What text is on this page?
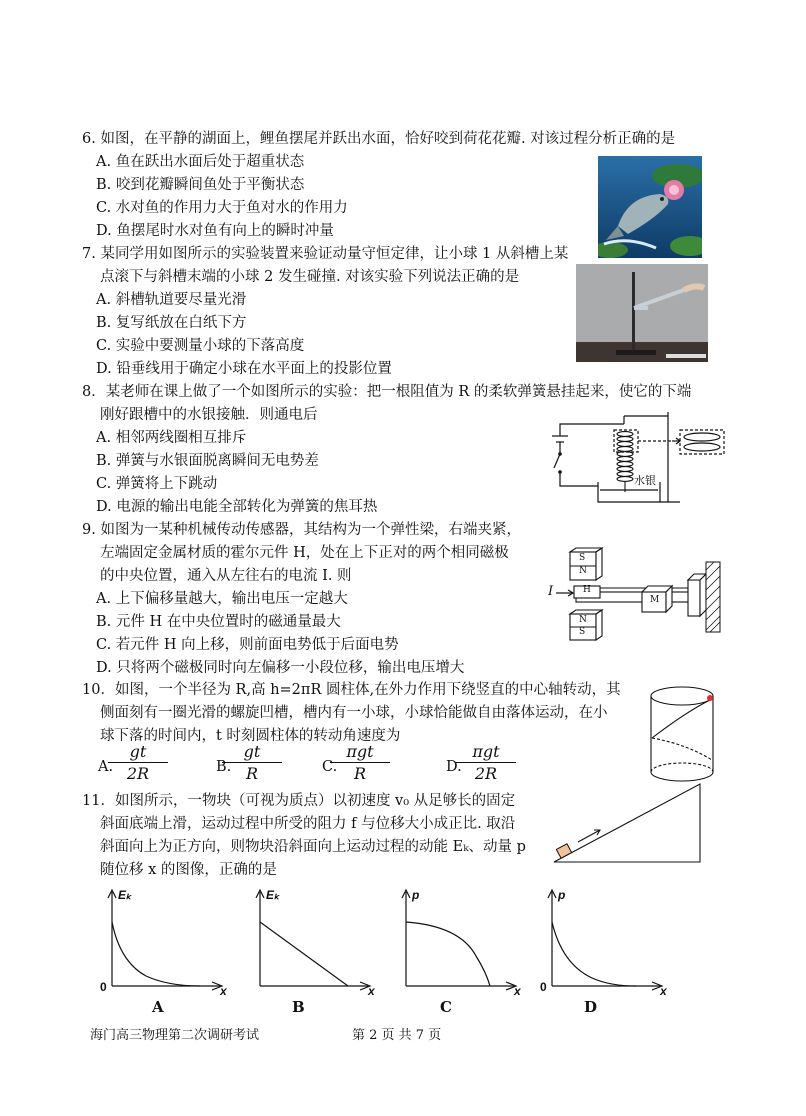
6. 如图，在平静的湖面上，鲤鱼摆尾并跃出水面，恰好咬到荷花花瓣. 对该过程分析正确的是
A. 鱼在跃出水面后处于超重状态
B. 咬到花瓣瞬间鱼处于平衡状态
C. 水对鱼的作用力大于鱼对水的作用力
D. 鱼摆尾时水对鱼有向上的瞬时冲量
7. 某同学用如图所示的实验装置来验证动量守恒定律，让小球 1 从斜槽上某
点滚下与斜槽末端的小球 2 发生碰撞. 对该实验下列说法正确的是
A. 斜槽轨道要尽量光滑
B. 复写纸放在白纸下方
C. 实验中要测量小球的下落高度
D. 铅垂线用于确定小球在水平面上的投影位置
8．某老师在课上做了一个如图所示的实验：把一根阻值为 R 的柔软弹簧悬挂起来，使它的下端
刚好跟槽中的水银接触．则通电后
A. 相邻两线圈相互排斥
B. 弹簧与水银面脱离瞬间无电势差
C. 弹簧将上下跳动
D. 电源的输出电能全部转化为弹簧的焦耳热
水银
9. 如图为一某种机械传动传感器，其结构为一个弹性梁，右端夹紧，
左端固定金属材质的霍尔元件 H，处在上下正对的两个相同磁极
的中央位置，通入从左往右的电流 I. 则
A. 上下偏移量越大，输出电压一定越大
B. 元件 H 在中央位置时的磁通量最大
C. 若元件 H 向上移，则前面电势低于后面电势
D. 只将两个磁极同时向左偏移一小段位移，输出电压增大
S
N
H
M
N
S
I
10．如图，一个半径为 R,高 h=2πR 圆柱体,在外力作用下绕竖直的中心轴转动，其
侧面刻有一圈光滑的螺旋凹槽，槽内有一小球，小球恰能做自由落体运动，在小
球下落的时间内，t 时刻圆柱体的转动角速度为
A.
$\frac{gt}{2R}$	B.
$\frac{gt}{R}$	C.
πgt
R	D.
πgt
2R
11．如图所示，一物块（可视为质点）以初速度 v₀ 从足够长的固定
斜面底端上滑，运动过程中所受的阻力 f 与位移大小成正比. 取沿
斜面向上为正方向，则物块沿斜面向上运动过程的动能 Eₖ、动量 p
随位移 x 的图像，正确的是
Eₖ
0	x
A
Eₖ
x
B
p
x
C
p
0	x
D
海门高三物理第二次调研考试	第 2 页 共 7 页
